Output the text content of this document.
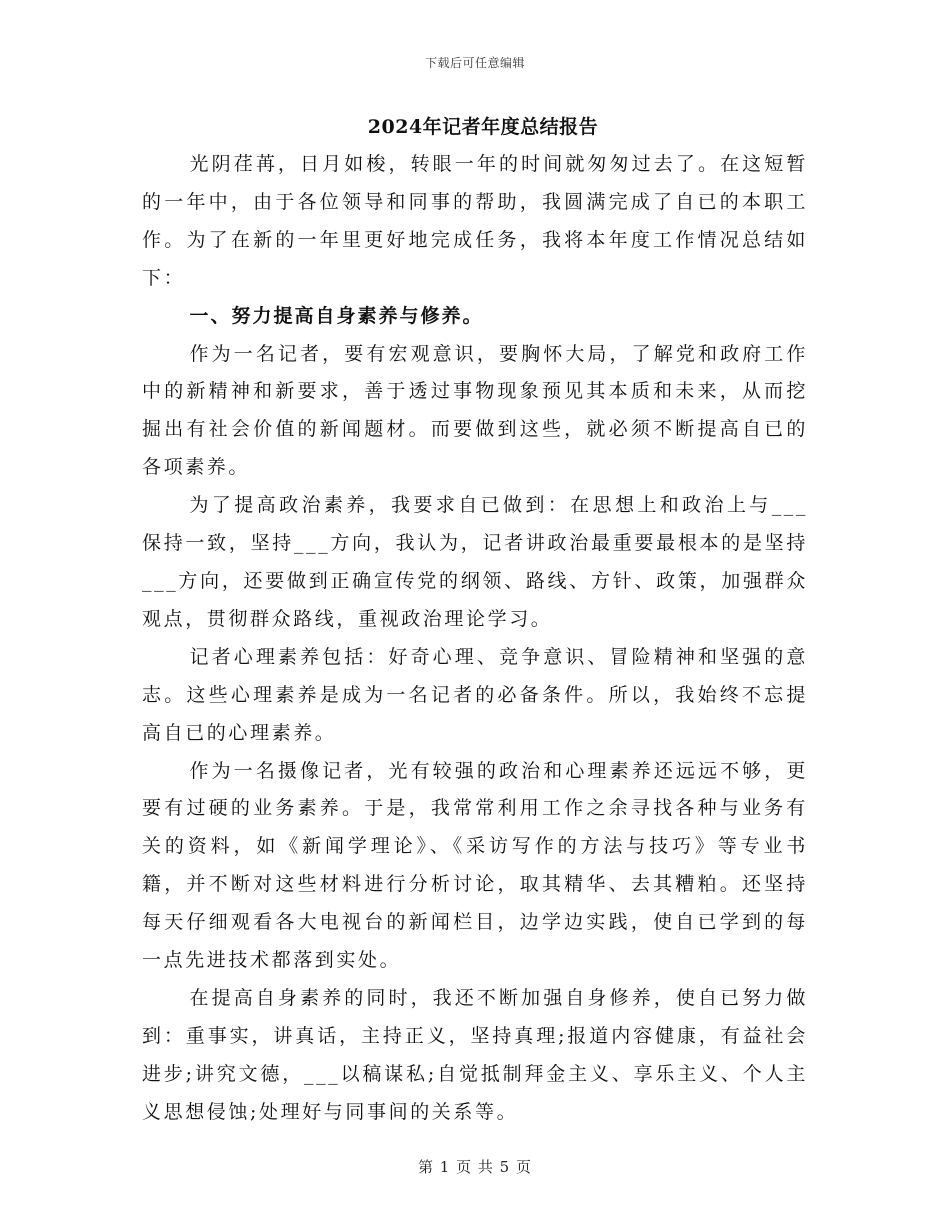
下载后可任意编辑
2024年记者年度总结报告

光阴荏苒，日月如梭，转眼一年的时间就匆匆过去了。在这短暂的一年中，由于各位领导和同事的帮助，我圆满完成了自已的本职工作。为了在新的一年里更好地完成任务，我将本年度工作情况总结如下：

一、努力提高自身素养与修养。

作为一名记者，要有宏观意识，要胸怀大局，了解党和政府工作中的新精神和新要求，善于透过事物现象预见其本质和未来，从而挖掘出有社会价值的新闻题材。而要做到这些，就必须不断提高自已的各项素养。

为了提高政治素养，我要求自已做到：在思想上和政治上与___保持一致，坚持___方向，我认为，记者讲政治最重要最根本的是坚持___方向，还要做到正确宣传党的纲领、路线、方针、政策，加强群众观点，贯彻群众路线，重视政治理论学习。

记者心理素养包括：好奇心理、竞争意识、冒险精神和坚强的意志。这些心理素养是成为一名记者的必备条件。所以，我始终不忘提高自已的心理素养。

作为一名摄像记者，光有较强的政治和心理素养还远远不够，更要有过硬的业务素养。于是，我常常利用工作之余寻找各种与业务有关的资料，如《新闻学理论》、《采访写作的方法与技巧》等专业书籍，并不断对这些材料进行分析讨论，取其精华、去其糟粕。还坚持每天仔细观看各大电视台的新闻栏目，边学边实践，使自已学到的每一点先进技术都落到实处。

在提高自身素养的同时，我还不断加强自身修养，使自已努力做到：重事实，讲真话，主持正义，坚持真理;报道内容健康，有益社会进步;讲究文德，___以稿谋私;自觉抵制拜金主义、享乐主义、个人主义思想侵蚀;处理好与同事间的关系等。

第 1 页 共 5 页
